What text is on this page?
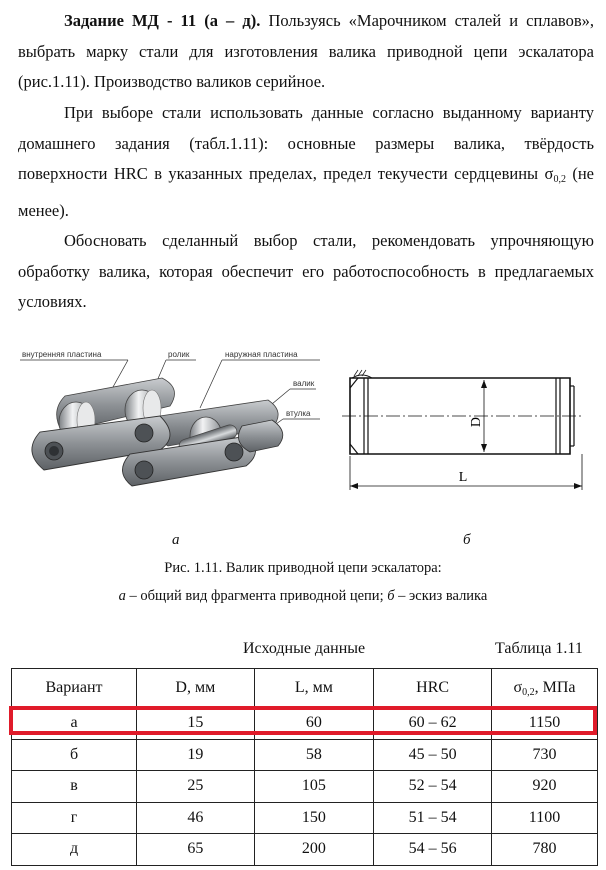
Задание МД - 11 (а – д). Пользуясь «Марочником сталей и сплавов», выбрать марку стали для изготовления валика приводной цепи эскалатора (рис.1.11). Производство валиков серийное.

При выборе стали использовать данные согласно выданному варианту домашнего задания (табл.1.11): основные размеры валика, твёрдость поверхности HRC в указанных пределах, предел текучести сердцевины $\sigma_{0,2}$ (не менее).

Обосновать сделанный выбор стали, рекомендовать упрочняющую обработку валика, которая обеспечит его работоспособность в предлагаемых условиях.

внутренняя пластина	ролик	наружная пластина
валик
втулка
D
L
а	б
Рис. 1.11. Валик приводной цепи эскалатора:
а – общий вид фрагмента приводной цепи; б – эскиз валика
Исходные данные	Таблица 1.11
Вариант	D, мм	L, мм	HRC	$\sigma_{0,2}$, МПа
а	15	60	60 – 62	1150
б	19	58	45 – 50	730
в	25	105	52 – 54	920
г	46	150	51 – 54	1100
д	65	200	54 – 56	780
